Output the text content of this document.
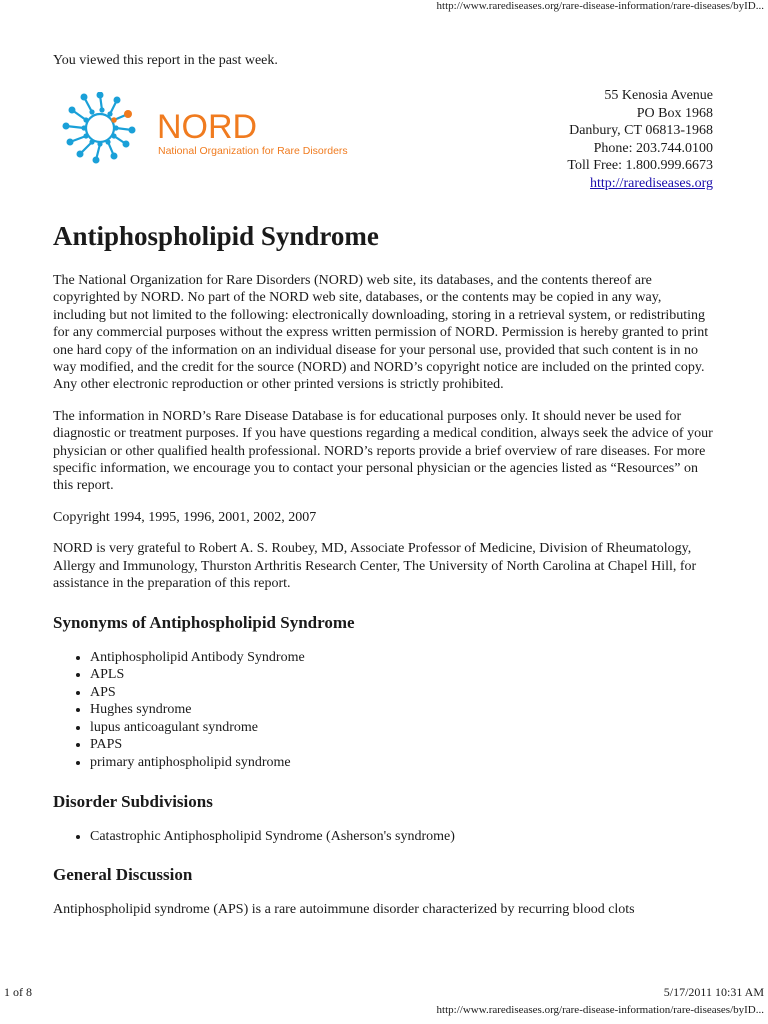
http://www.rarediseases.org/rare-disease-information/rare-diseases/byID...
You viewed this report in the past week.
NORD
National Organization for Rare Disorders
55 Kenosia Avenue
PO Box 1968
Danbury, CT 06813-1968
Phone: 203.744.0100
Toll Free: 1.800.999.6673
http://rarediseases.org
Antiphospholipid Syndrome

The National Organization for Rare Disorders (NORD) web site, its databases, and the contents thereof are copyrighted by NORD. No part of the NORD web site, databases, or the contents may be copied in any way, including but not limited to the following: electronically downloading, storing in a retrieval system, or redistributing for any commercial purposes without the express written permission of NORD. Permission is hereby granted to print one hard copy of the information on an individual disease for your personal use, provided that such content is in no way modified, and the credit for the source (NORD) and NORD’s copyright notice are included on the printed copy. Any other electronic reproduction or other printed versions is strictly prohibited.

The information in NORD’s Rare Disease Database is for educational purposes only. It should never be used for diagnostic or treatment purposes. If you have questions regarding a medical condition, always seek the advice of your physician or other qualified health professional. NORD’s reports provide a brief overview of rare diseases. For more specific information, we encourage you to contact your personal physician or the agencies listed as “Resources” on this report.

Copyright 1994, 1995, 1996, 2001, 2002, 2007

NORD is very grateful to Robert A. S. Roubey, MD, Associate Professor of Medicine, Division of Rheumatology, Allergy and Immunology, Thurston Arthritis Research Center, The University of North Carolina at Chapel Hill, for assistance in the preparation of this report.

Synonyms of Antiphospholipid Syndrome
• Antiphospholipid Antibody Syndrome
• APLS
• APS
• Hughes syndrome
• lupus anticoagulant syndrome
• PAPS
• primary antiphospholipid syndrome
Disorder Subdivisions
• Catastrophic Antiphospholipid Syndrome (Asherson's syndrome)
General Discussion

Antiphospholipid syndrome (APS) is a rare autoimmune disorder characterized by recurring blood clots

1 of 8	5/17/2011 10:31 AM
http://www.rarediseases.org/rare-disease-information/rare-diseases/byID...
